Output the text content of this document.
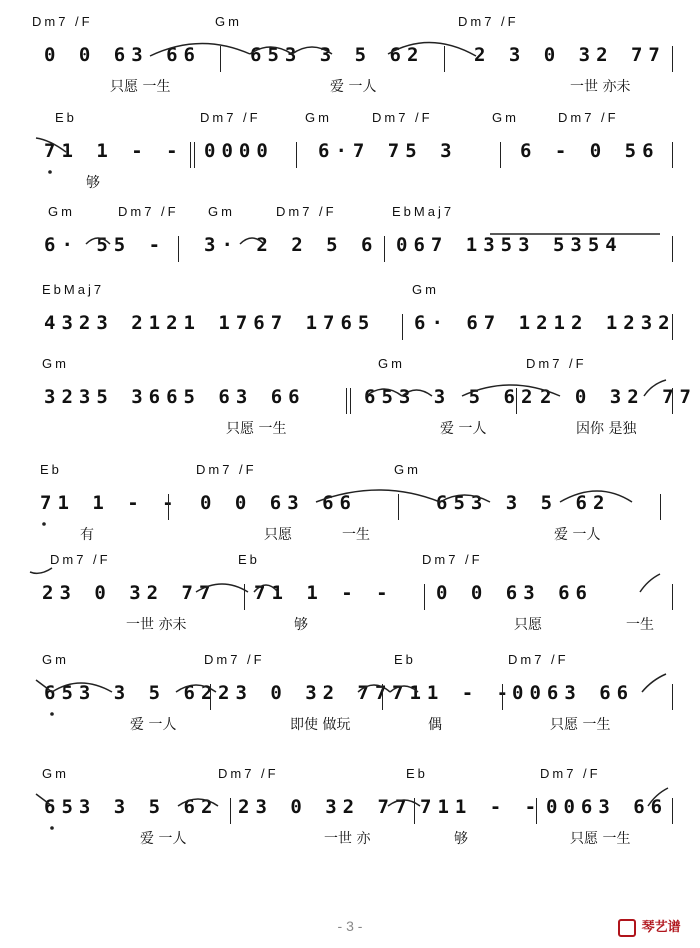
Dm7 /F	Gm	Dm7 /F
0 0 63 66	653 3 5 62	2 3 0 32 77
只愿 一生	爱 一人	一世 亦未
Eb	Dm7 /F	Gm	Dm7 /F	Gm	Dm7 /F
71 1 - - 0000 6·7 75 3	6 - 0 56
够
Gm	Dm7 /F Gm	Dm7 /F	EbMaj7
6· 55 - 3· 2 2 5 6 067 1353 5354
EbMaj7	Gm
4323 2121 1767 1765 6· 67 1212 1232
Gm	Gm	Dm7 /F
3235 3665 63 66	653 3 5 62 2 0 32 77
只愿 一生	爱 一人	因你 是独
Eb	Dm7 /F	Gm
71 1 - - 0 0 63 66	653 3 5 62
有	只愿	一生	爱 一人
Dm7 /F	Eb	Dm7 /F
23 0 32 77 71 1 - - 0 0 63 66
一世 亦未	够	只愿	一生
Gm	Dm7 /F	Eb	Dm7 /F
653 3 5 62 23 0 32 77 711 - -
0063 66
爱 一人	即使 做玩	偶	只愿 一生
Gm	Dm7 /F	Eb	Dm7 /F
653 3 5 62 23 0 32 77 711 - - 0063 66
爱 一人	一世 亦	够	只愿 一生
- 3 -	琴艺谱
